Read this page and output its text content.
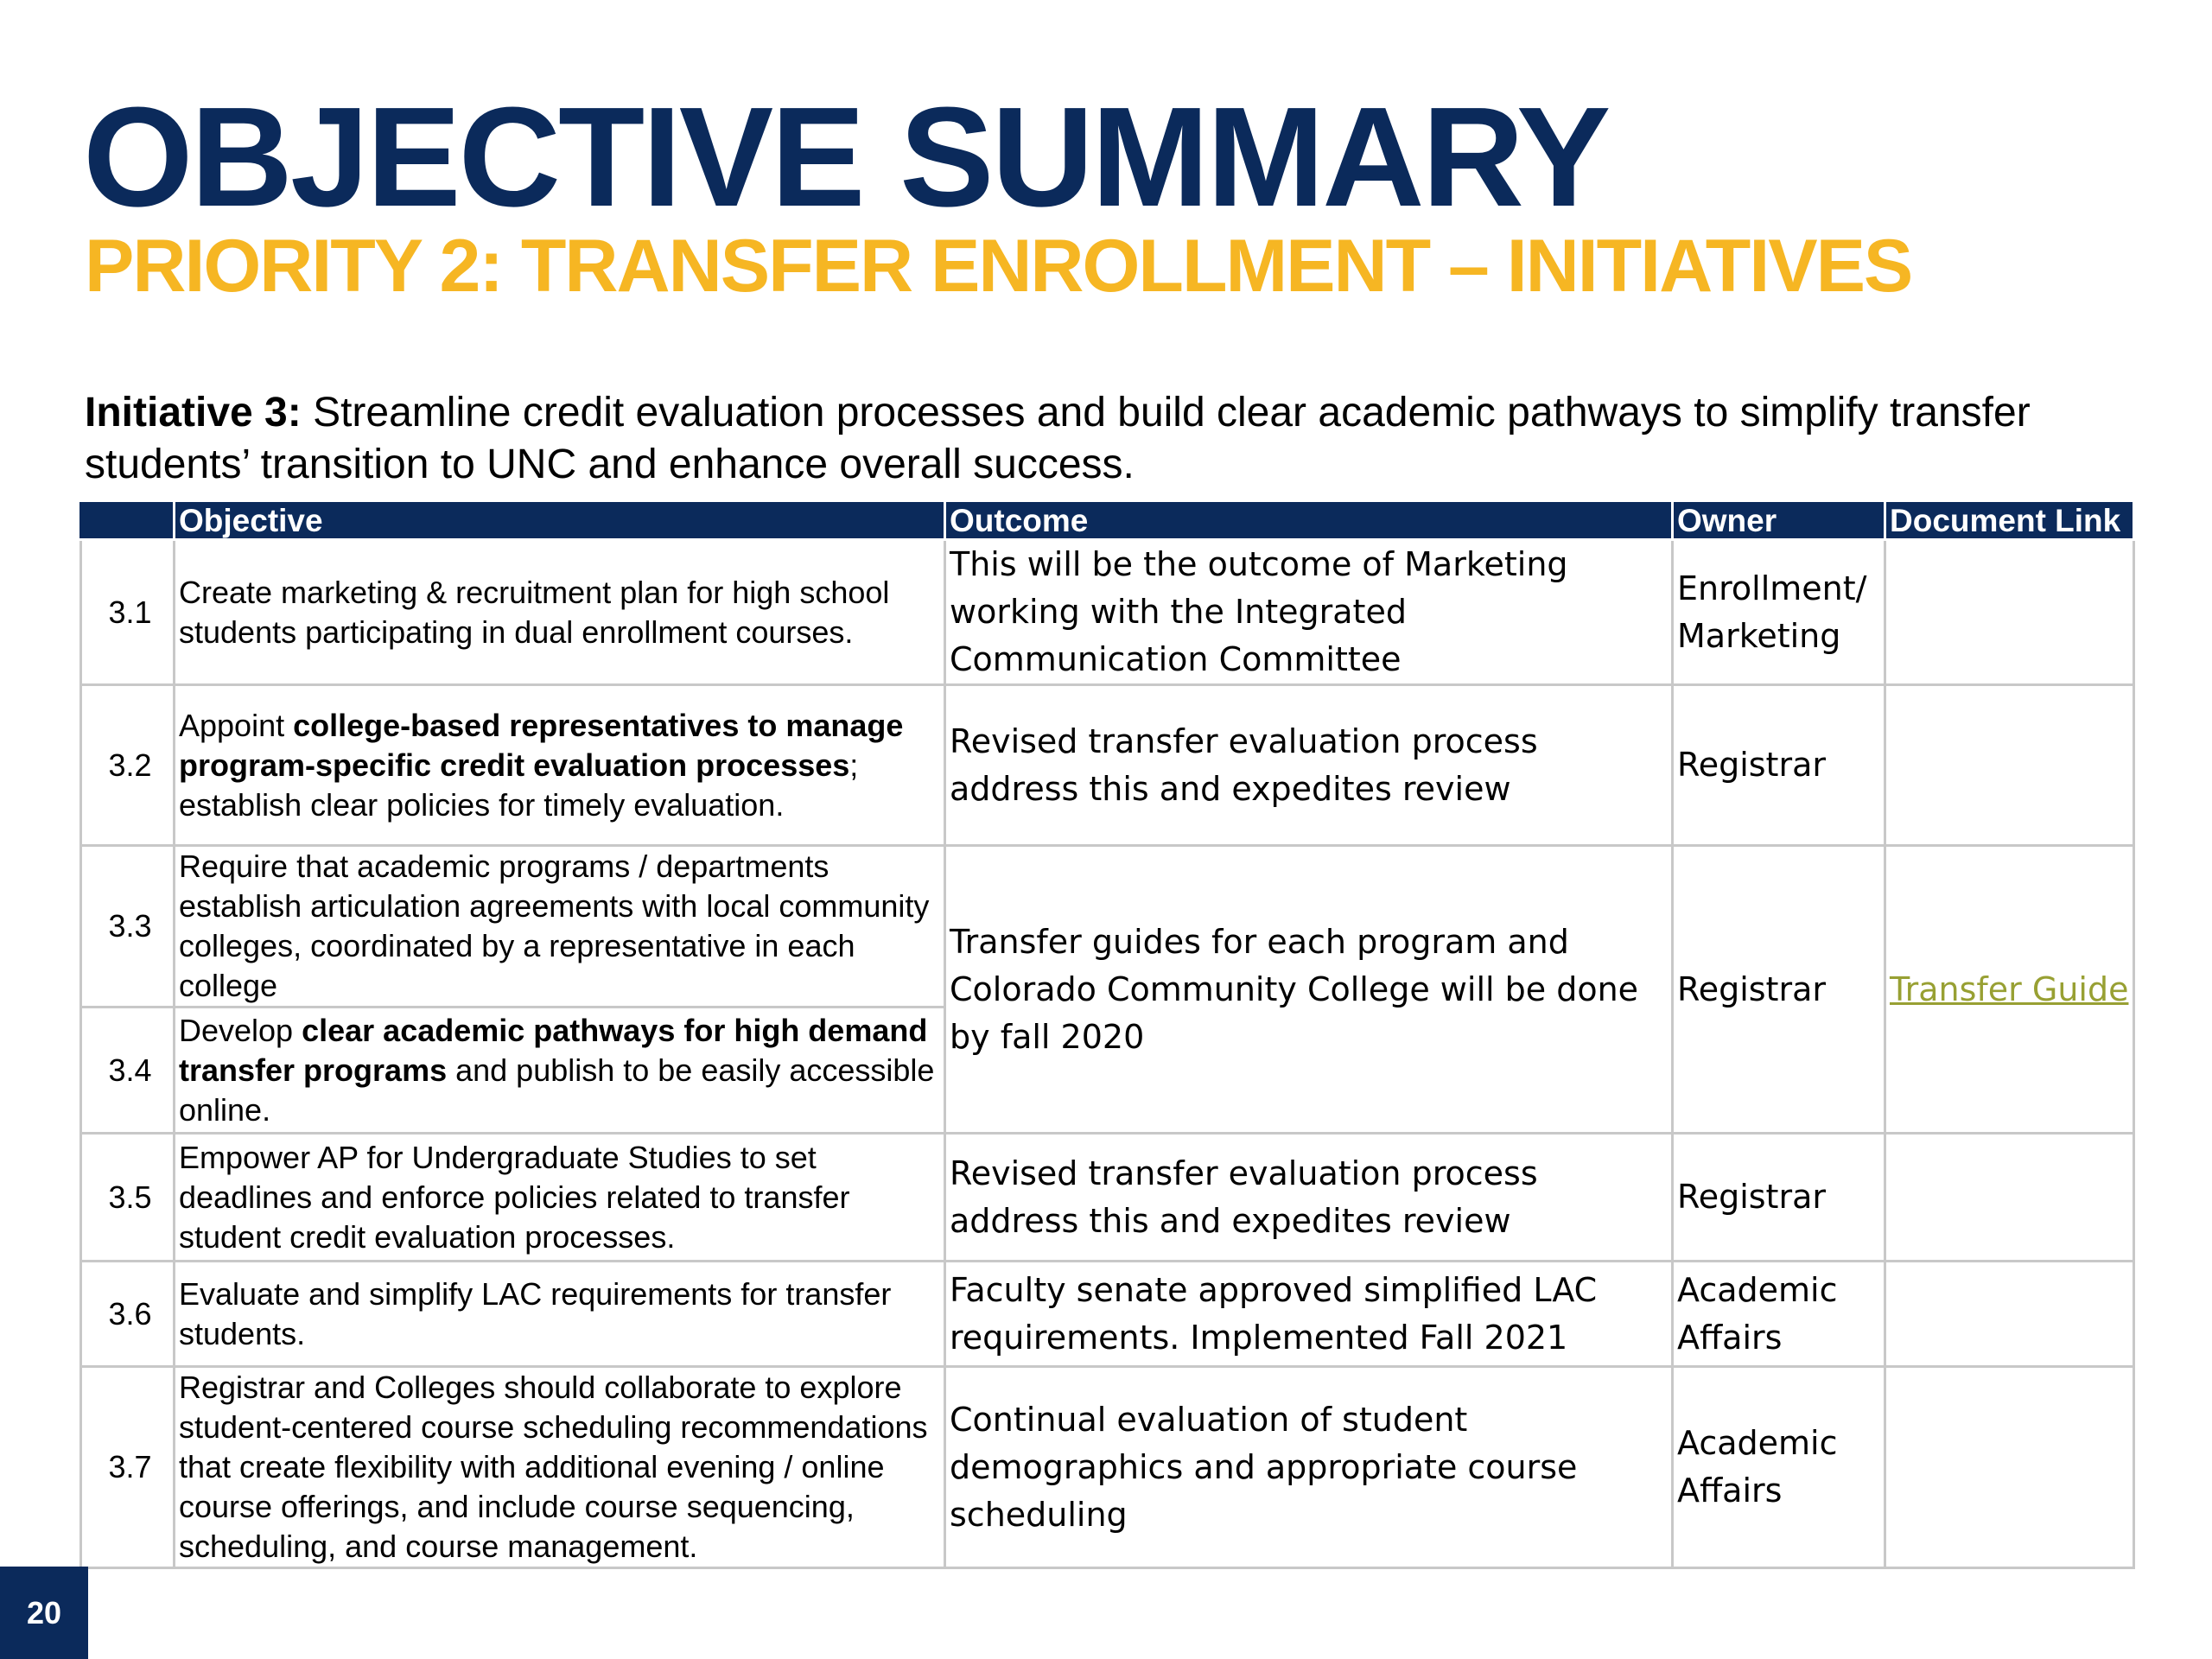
OBJECTIVE SUMMARY
PRIORITY 2: TRANSFER ENROLLMENT – INITIATIVES
Initiative 3: Streamline credit evaluation processes and build clear academic pathways to simplify transfer students’ transition to UNC and enhance overall success.
	Objective	Outcome	Owner	Document Link
3.1	Create marketing & recruitment plan for high school students participating in dual enrollment courses.	This will be the outcome of Marketing working with the Integrated Communication Committee	Enrollment/ Marketing	
3.2	Appoint college-based representatives to manage program-specific credit evaluation processes; establish clear policies for timely evaluation.	Revised transfer evaluation process address this and expedites review	Registrar	
3.3	Require that academic programs / departments establish articulation agreements with local community colleges, coordinated by a representative in each college	Transfer guides for each program and Colorado Community College will be done by fall 2020	Registrar	Transfer Guide
3.4	Develop clear academic pathways for high demand transfer programs and publish to be easily accessible online.			
3.5	Empower AP for Undergraduate Studies to set deadlines and enforce policies related to transfer student credit evaluation processes.	Revised transfer evaluation process address this and expedites review	Registrar	
3.6	Evaluate and simplify LAC requirements for transfer students.	Faculty senate approved simplified LAC requirements. Implemented Fall 2021	Academic Affairs	
3.7	Registrar and Colleges should collaborate to explore student-centered course scheduling recommendations that create flexibility with additional evening / online course offerings, and include course sequencing, scheduling, and course management.	Continual evaluation of student demographics and appropriate course scheduling	Academic Affairs	
20
